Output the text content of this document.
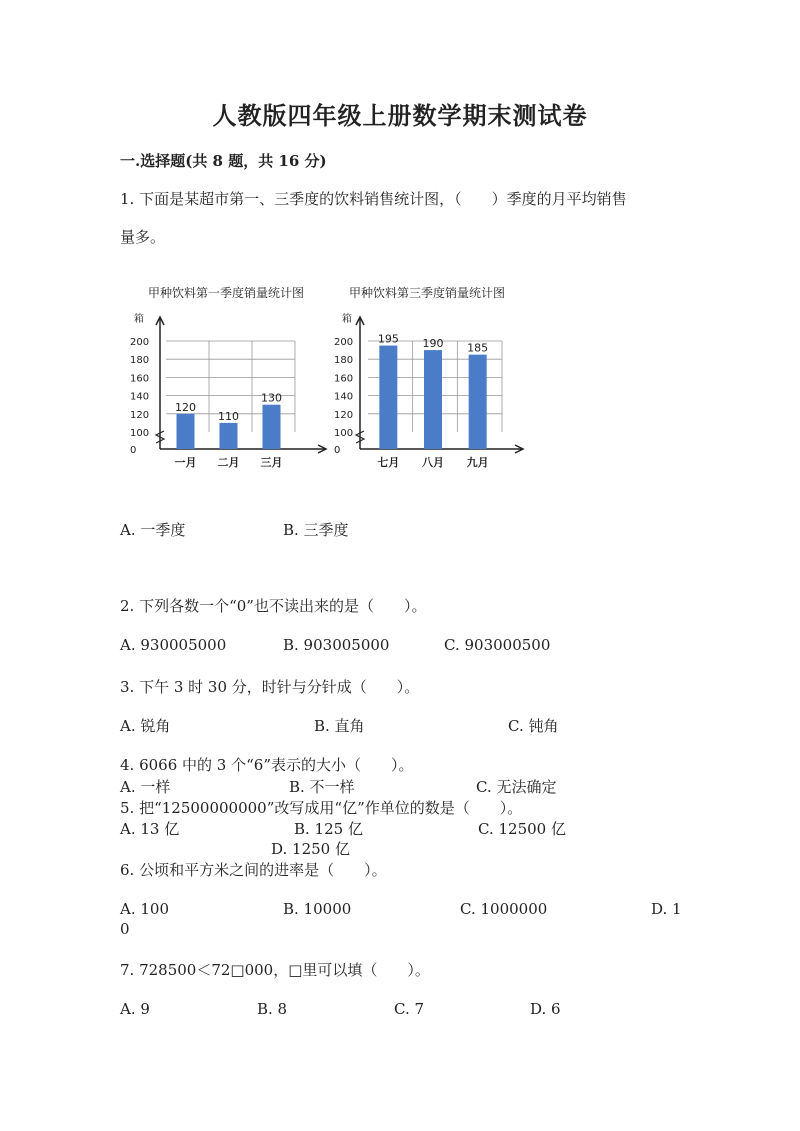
人教版四年级上册数学期末测试卷
一.选择题(共 8 题，共 16 分)
1. 下面是某超市第一、三季度的饮料销售统计图，（　　）季度的月平均销售
量多。
甲种饮料第一季度销量统计图
箱
0
100
120
140
160
180
200
120
一月
110
二月
130
三月
甲种饮料第三季度销量统计图
箱
0
100
120
140
160
180
200 195
七月
190
八月
185
九月
A. 一季度	B. 三季度
2. 下列各数一个“0”也不读出来的是（　　）。
A. 930005000	B. 903005000	C. 903000500
3. 下午 3 时 30 分，时针与分针成（　　）。
A. 锐角	B. 直角	C. 钝角
4. 6066 中的 3 个“6”表示的大小（　　）。
A. 一样	B. 不一样	C. 无法确定
5. 把“12500000000”改写成用“亿”作单位的数是（　　）。
A. 13 亿	B. 125 亿	C. 12500 亿
D. 1250 亿
6. 公顷和平方米之间的进率是（　　）。
A. 100	B. 10000	C. 1000000	D. 1
0
7. 728500＜72□000，□里可以填（　　）。
A. 9	B. 8	C. 7	D. 6
